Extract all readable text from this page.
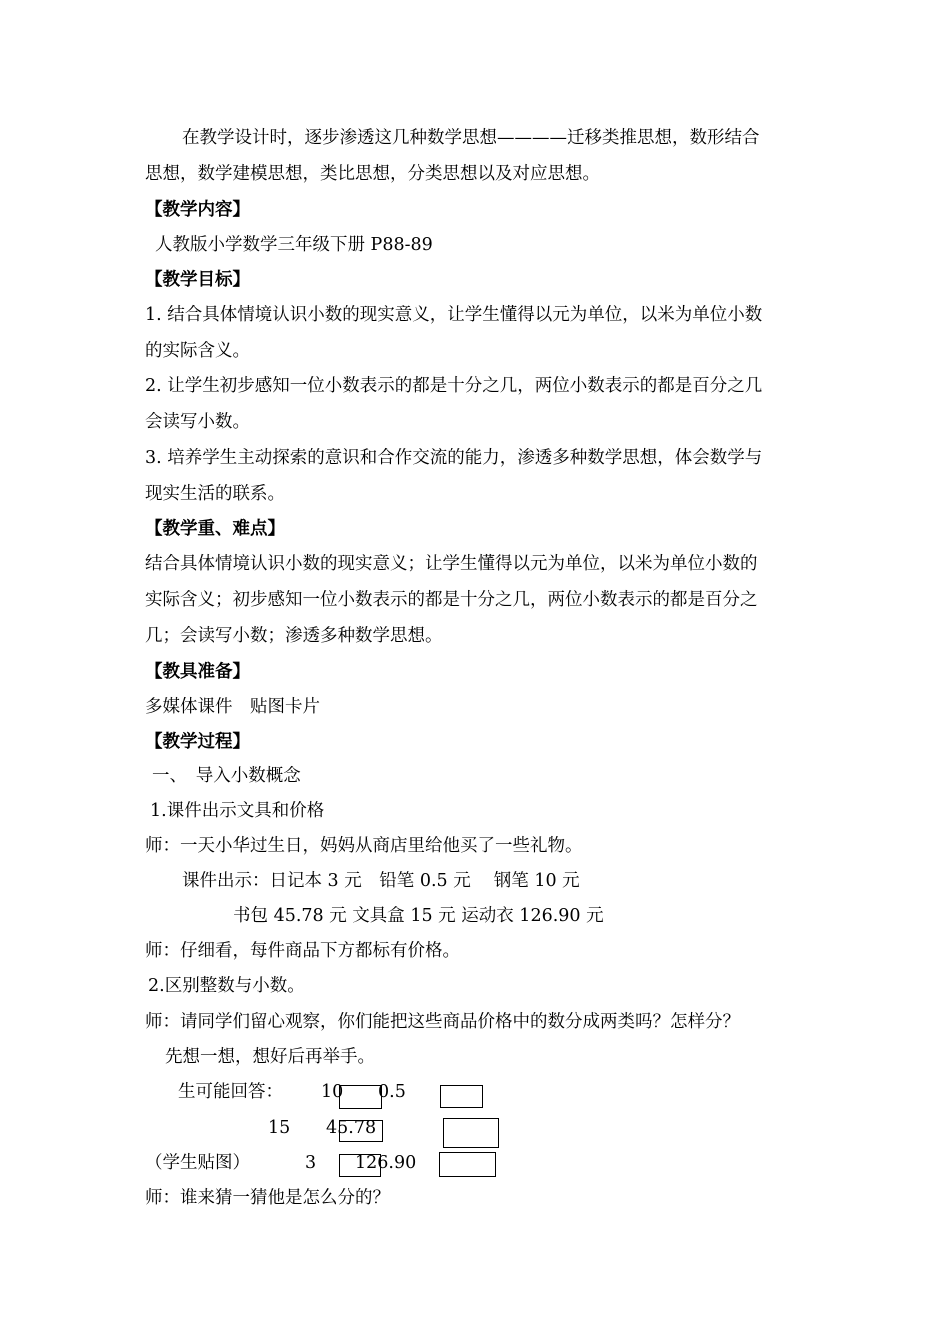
在教学设计时，逐步渗透这几种数学思想————迁移类推思想，数形结合
思想，数学建模思想，类比思想，分类思想以及对应思想。
【教学内容】
人教版小学数学三年级下册 P88-89
【教学目标】
1. 结合具体情境认识小数的现实意义，让学生懂得以元为单位，以米为单位小数
的实际含义。
2. 让学生初步感知一位小数表示的都是十分之几，两位小数表示的都是百分之几
会读写小数。
3. 培养学生主动探索的意识和合作交流的能力，渗透多种数学思想，体会数学与
现实生活的联系。
【教学重、难点】
结合具体情境认识小数的现实意义；让学生懂得以元为单位，以米为单位小数的
实际含义；初步感知一位小数表示的都是十分之几，两位小数表示的都是百分之
几；会读写小数；渗透多种数学思想。
【教具准备】
多媒体课件　贴图卡片
【教学过程】
一、　导入小数概念
1.课件出示文具和价格
师：一天小华过生日，妈妈从商店里给他买了一些礼物。
课件出示：日记本 3 元　铅笔 0.5 元　 钢笔 10 元
书包 45.78 元 文具盒 15 元 运动衣 126.90 元
师：仔细看，每件商品下方都标有价格。
2.区别整数与小数。
师：请同学们留心观察，你们能把这些商品价格中的数分成两类吗？怎样分？
先想一想，想好后再举手。
生可能回答： 10 0.5
15 45.78
（学生贴图）	3 126.90
师：谁来猜一猜他是怎么分的？
